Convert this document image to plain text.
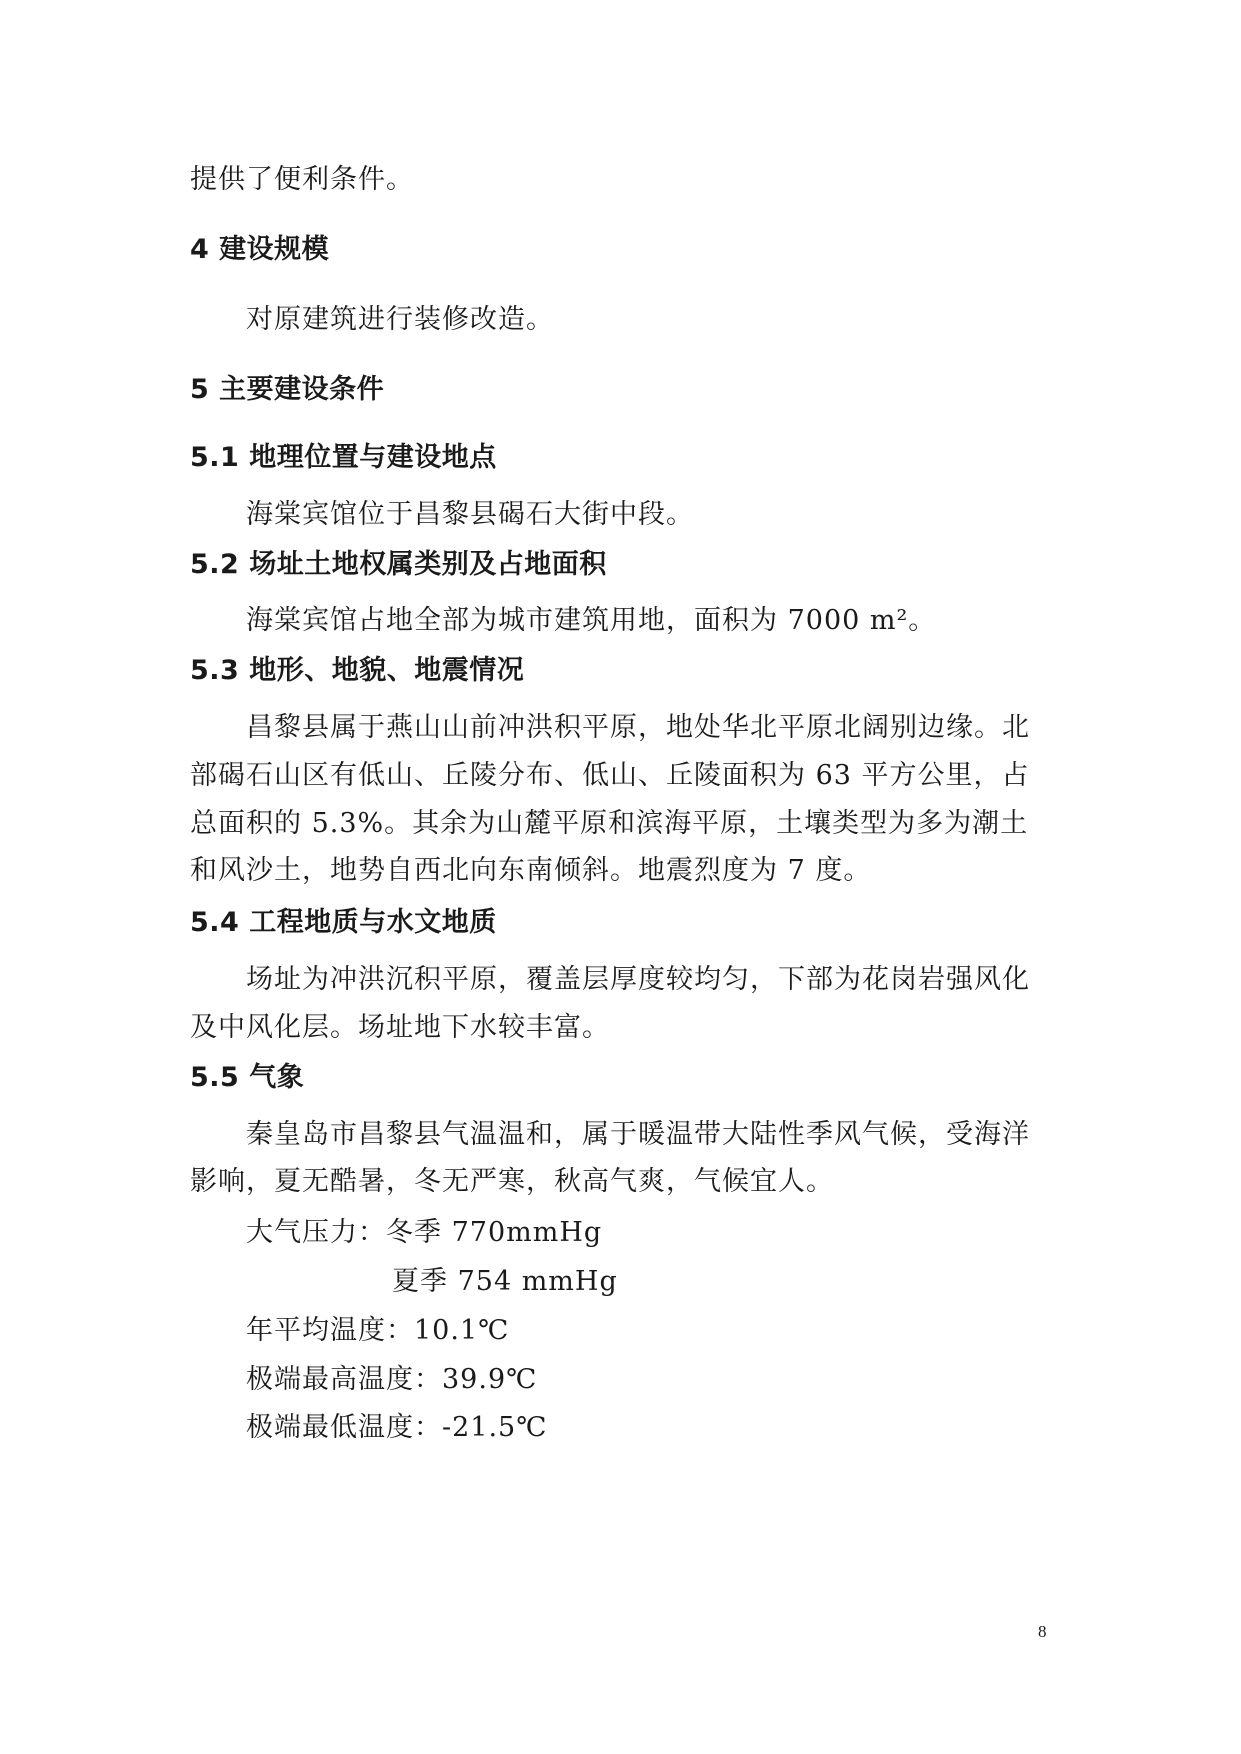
提供了便利条件。
4 建设规模
对原建筑进行装修改造。
5 主要建设条件
5.1 地理位置与建设地点
海棠宾馆位于昌黎县碣石大街中段。
5.2 场址土地权属类别及占地面积
海棠宾馆占地全部为城市建筑用地，面积为 7000 m²。
5.3 地形、地貌、地震情况
昌黎县属于燕山山前冲洪积平原，地处华北平原北阔别边缘。北
部碣石山区有低山、丘陵分布、低山、丘陵面积为 63 平方公里，占
总面积的 5.3%。其余为山麓平原和滨海平原，土壤类型为多为潮土
和风沙土，地势自西北向东南倾斜。地震烈度为 7 度。
5.4 工程地质与水文地质
场址为冲洪沉积平原，覆盖层厚度较均匀，下部为花岗岩强风化
及中风化层。场址地下水较丰富。
5.5 气象
秦皇岛市昌黎县气温温和，属于暖温带大陆性季风气候，受海洋
影响，夏无酷暑，冬无严寒，秋高气爽，气候宜人。
大气压力：冬季 770mmHg
夏季 754 mmHg
年平均温度：10.1℃
极端最高温度：39.9℃
极端最低温度：-21.5℃
8
